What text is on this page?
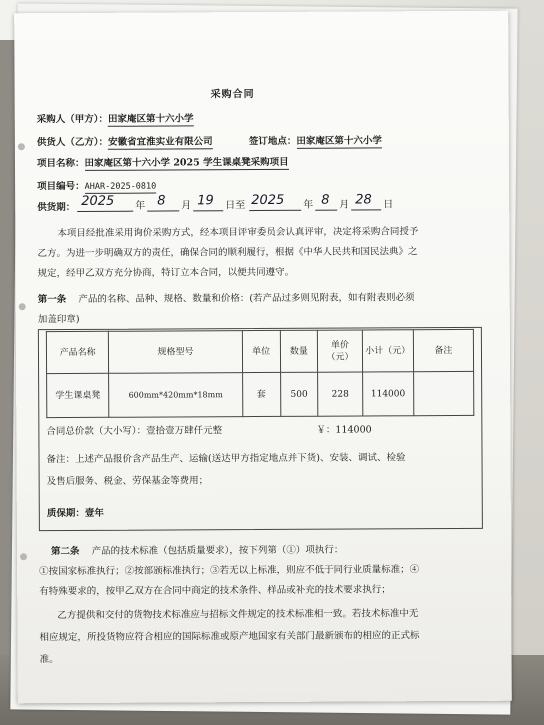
采购合同
采购人（甲方）：田家庵区第十六小学
供货人（乙方）：安徽省宜淮实业有限公司	签订地点：田家庵区第十六小学
项目名称：田家庵区第十六小学 2025 学生课桌凳采购项目
项目编号：AHAR-2025-0810
供货期： 2025 年 8 月 19 日至 2025 年 8 月 28 日
本项目经批准采用询价采购方式，经本项目评审委员会认真评审，决定将采购合同授予
乙方。为进一步明确双方的责任，确保合同的顺利履行，根据《中华人民共和国民法典》之
规定，经甲乙双方充分协商，特订立本合同，以便共同遵守。
第一条 产品的名称、品种、规格、数量和价格：(若产品过多则见附表，如有附表则必须
加盖印章)
产品名称	规格型号	单位	数量	单价（元）	小计（元）	备注
学生课桌凳	600mm*420mm*18mm	套	500	228	114000	
合同总价款（大小写）：壹拾壹万肆仟元整	￥：114000
备注：上述产品报价含产品生产、运输(送达甲方指定地点并下货)、安装、调试、检验
及售后服务、税金、劳保基金等费用；
质保期：壹年
第二条 产品的技术标准（包括质量要求），按下列第（①）项执行：
①按国家标准执行；②按部颁标准执行；③若无以上标准，则应不低于同行业质量标准；④
有特殊要求的，按甲乙双方在合同中商定的技术条件、样品或补充的技术要求执行；
乙方提供和交付的货物技术标准应与招标文件规定的技术标准相一致。若技术标准中无
相应规定，所投货物应符合相应的国际标准或原产地国家有关部门最新颁布的相应的正式标
准。
